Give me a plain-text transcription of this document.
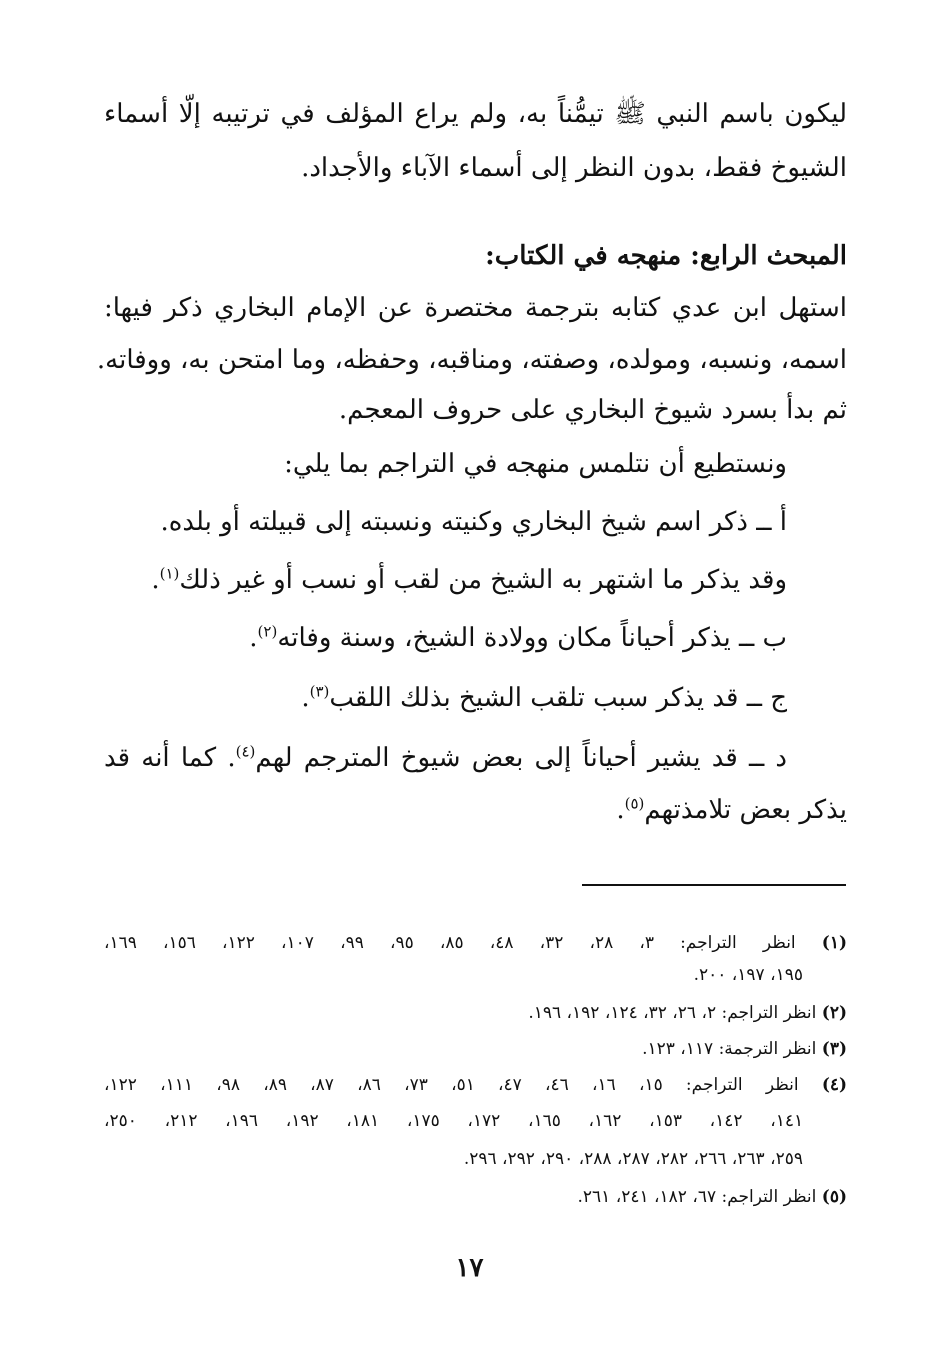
ليكون باسم النبي ﷺ تيمُّناً به، ولم يراع المؤلف في ترتيبه إلّا أسماء

الشيوخ فقط، بدون النظر إلى أسماء الآباء والأجداد.

المبحث الرابع: منهجه في الكتاب:

استهل ابن عدي كتابه بترجمة مختصرة عن الإمام البخاري ذكر فيها:

اسمه، ونسبه، ومولده، وصفته، ومناقبه، وحفظه، وما امتحن به، ووفاته.

ثم بدأ بسرد شيوخ البخاري على حروف المعجم.

ونستطيع أن نتلمس منهجه في التراجم بما يلي:

أ ــ ذكر اسم شيخ البخاري وكنيته ونسبته إلى قبيلته أو بلده.

وقد يذكر ما اشتهر به الشيخ من لقب أو نسب أو غير ذلك$^{(١)}$.

ب ــ يذكر أحياناً مكان وولادة الشيخ، وسنة وفاته$^{(٢)}$.

ج ــ قد يذكر سبب تلقب الشيخ بذلك اللقب$^{(٣)}$.

د ــ قد يشير أحياناً إلى بعض شيوخ المترجم لهم$^{(٤)}$. كما أنه قد

يذكر بعض تلامذتهم$^{(٥)}$.

(١) انظر التراجم: ٣، ٢٨، ٣٢، ٤٨، ٨٥، ٩٥، ٩٩، ١٠٧، ١٢٢، ١٥٦، ١٦٩،

١٩٥، ١٩٧، ٢٠٠.

(٢) انظر التراجم: ٢، ٢٦، ٣٢، ١٢٤، ١٩٢، ١٩٦.

(٣) انظر الترجمة: ١١٧، ١٢٣.

(٤) انظر التراجم: ١٥، ١٦، ٤٦، ٤٧، ٥١، ٧٣، ٨٦، ٨٧، ٨٩، ٩٨، ١١١، ١٢٢،

١٤١، ١٤٢، ١٥٣، ١٦٢، ١٦٥، ١٧٢، ١٧٥، ١٨١، ١٩٢، ١٩٦، ٢١٢، ٢٥٠،

٢٥٩، ٢٦٣، ٢٦٦، ٢٨٢، ٢٨٧، ٢٨٨، ٢٩٠، ٢٩٢، ٢٩٦.

(٥) انظر التراجم: ٦٧، ١٨٢، ٢٤١، ٢٦١.

١٧
